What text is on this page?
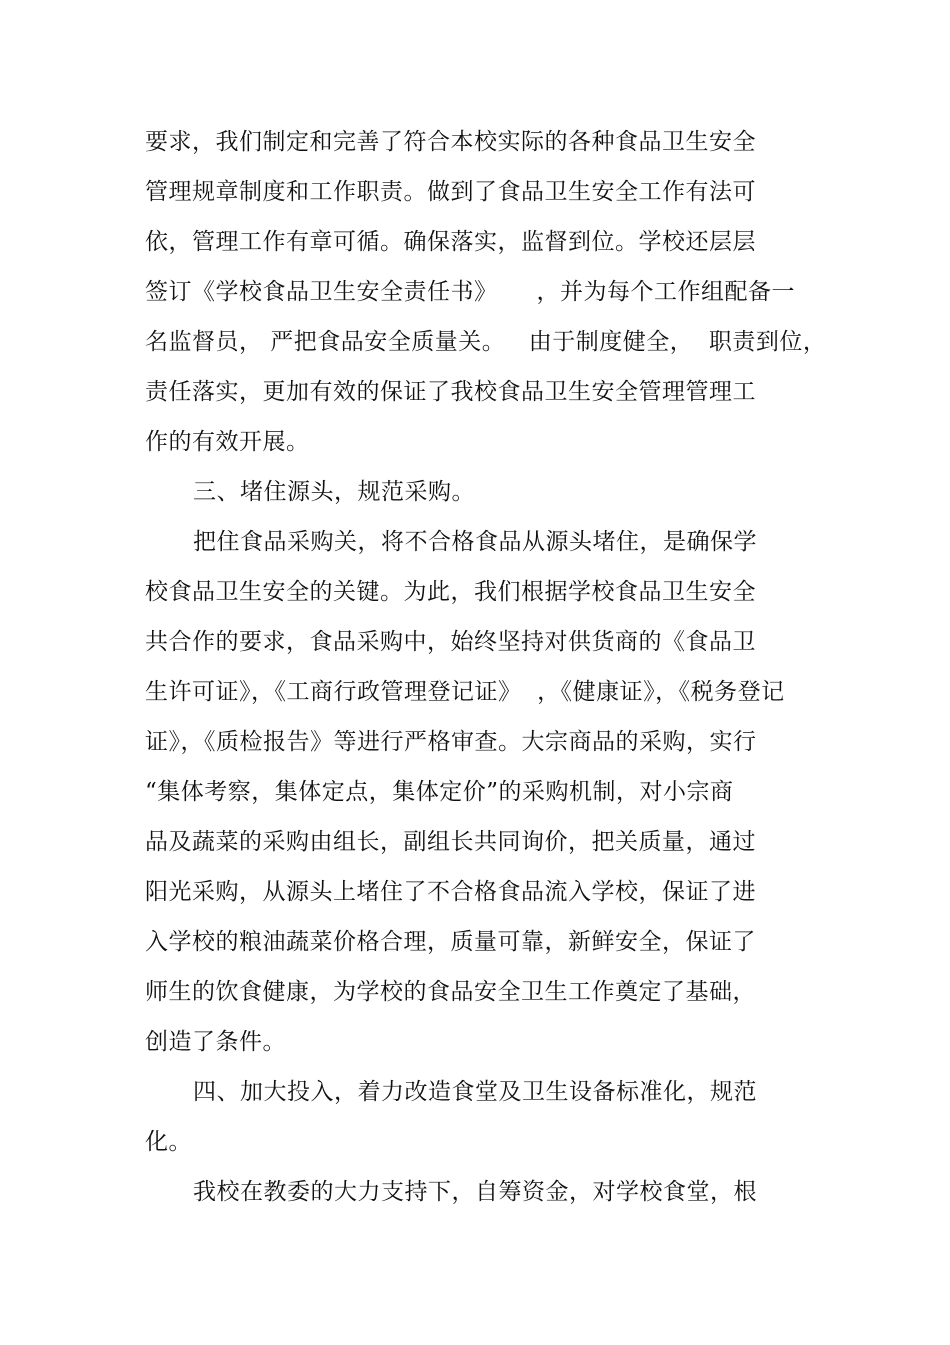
要求，我们制定和完善了符合本校实际的各种食品卫生安全
管理规章制度和工作职责。做到了食品卫生安全工作有法可
依，管理工作有章可循。确保落实，监督到位。学校还层层
签订《学校食品卫生安全责任书》     ，并为每个工作组配备一
名监督员， 严把食品安全质量关。   由于制度健全，  职责到位，
责任落实，更加有效的保证了我校食品卫生安全管理管理工
作的有效开展。
三、堵住源头，规范采购。
把住食品采购关，将不合格食品从源头堵住，是确保学
校食品卫生安全的关键。为此，我们根据学校食品卫生安全
共合作的要求，食品采购中，始终坚持对供货商的《食品卫
生许可证》，《工商行政管理登记证》  ，《健康证》，《税务登记
证》，《质检报告》等进行严格审查。大宗商品的采购，实行
“集体考察，集体定点，集体定价”的采购机制，对小宗商
品及蔬菜的采购由组长，副组长共同询价，把关质量，通过
阳光采购，从源头上堵住了不合格食品流入学校，保证了进
入学校的粮油蔬菜价格合理，质量可靠，新鲜安全，保证了
师生的饮食健康，为学校的食品安全卫生工作奠定了基础，
创造了条件。
四、加大投入，着力改造食堂及卫生设备标准化，规范
化。
我校在教委的大力支持下，自筹资金，对学校食堂，根
